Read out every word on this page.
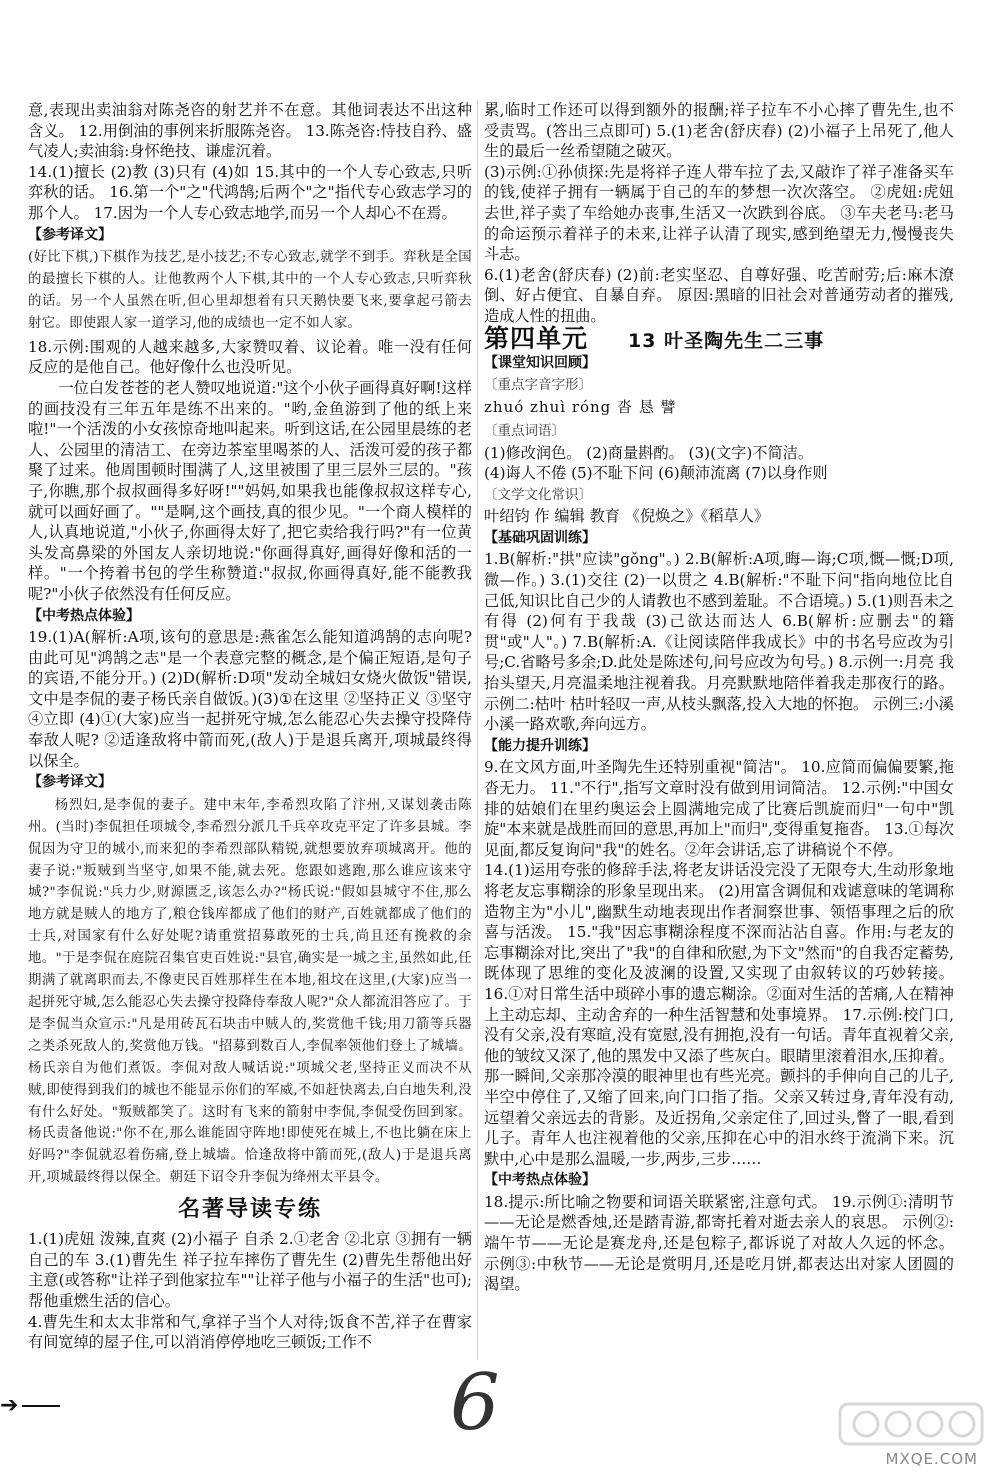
意,表现出卖油翁对陈尧咨的射艺并不在意。其他词表达不出这种含义。 12.用倒油的事例来折服陈尧咨。 13.陈尧咨:恃技自矜、盛气凌人;卖油翁:身怀绝技、谦虚沉着。

14.(1)擅长 (2)教 (3)只有 (4)如 15.其中的一个人专心致志,只听弈秋的话。 16.第一个"之"代鸿鹄;后两个"之"指代专心致志学习的那个人。 17.因为一个人专心致志地学,而另一个人却心不在焉。

【参考译文】

(好比下棋,)下棋作为技艺,是小技艺;不专心致志,就学不到手。弈秋是全国的最擅长下棋的人。让他教两个人下棋,其中的一个人专心致志,只听弈秋的话。另一个人虽然在听,但心里却想着有只天鹅快要飞来,要拿起弓箭去射它。即使跟人家一道学习,他的成绩也一定不如人家。

18.示例:围观的人越来越多,大家赞叹着、议论着。唯一没有任何反应的是他自己。他好像什么也没听见。

一位白发苍苍的老人赞叹地说道:"这个小伙子画得真好啊!这样的画技没有三年五年是练不出来的。"哟,金鱼游到了他的纸上来啦!"一个活泼的小女孩惊奇地叫起来。听到这话,在公园里晨练的老人、公园里的清洁工、在旁边茶室里喝茶的人、活泼可爱的孩子都聚了过来。他周围顿时围满了人,这里被围了里三层外三层的。"孩子,你瞧,那个叔叔画得多好呀!""妈妈,如果我也能像叔叔这样专心,就可以画好画了。""是啊,这个画技,真的很少见。"一个商人模样的人,认真地说道,"小伙子,你画得太好了,把它卖给我行吗?"有一位黄头发高鼻梁的外国友人亲切地说:"你画得真好,画得好像和活的一样。"一个挎着书包的学生称赞道:"叔叔,你画得真好,能不能教我呢?"小伙子依然没有任何反应。

【中考热点体验】

19.(1)A(解析:A项,该句的意思是:燕雀怎么能知道鸿鹄的志向呢?由此可见"鸿鹄之志"是一个表意完整的概念,是个偏正短语,是句子的宾语,不能分开。) (2)D(解析:D项"发动全城妇女烧火做饭"错误,文中是李侃的妻子杨氏亲自做饭。)(3)①在这里 ②坚持正义 ③坚守 ④立即 (4)①(大家)应当一起拼死守城,怎么能忍心失去操守投降侍奉敌人呢? ②适逢敌将中箭而死,(敌人)于是退兵离开,项城最终得以保全。

【参考译文】

杨烈妇,是李侃的妻子。建中末年,李希烈攻陷了汴州,又谋划袭击陈州。(当时)李侃担任项城令,李希烈分派几千兵卒攻克平定了许多县城。李侃因为守卫的城小,而来犯的李希烈部队精锐,就想要放弃项城离开。他的妻子说:"叛贼到当坚守,如果不能,就去死。您跟如逃跑,那么谁应该来守城?"李侃说:"兵力少,财源匮乏,该怎么办?"杨氏说:"假如县城守不住,那么地方就是贼人的地方了,粮仓钱库都成了他们的财产,百姓就都成了他们的士兵,对国家有什么好处呢?请重赏招募敢死的士兵,尚且还有挽救的余地。"于是李侃在庭院召集官吏百姓说:"县官,确实是一城之主,虽然如此,任期满了就离职而去,不像吏民百姓那样生在本地,祖坟在这里,(大家)应当一起拼死守城,怎么能忍心失去操守投降侍奉敌人呢?"众人都流泪答应了。于是李侃当众宣示:"凡是用砖瓦石块击中贼人的,奖赏他千钱;用刀箭等兵器之类杀死敌人的,奖赏他万钱。"招募到数百人,李侃率领他们登上了城墙。杨氏亲自为他们煮饭。李侃对敌人喊话说:"项城父老,坚持正义而决不从贼,即使得到我们的城也不能显示你们的军威,不如赶快离去,白白地失利,没有什么好处。"叛贼都笑了。这时有飞来的箭射中李侃,李侃受伤回到家。杨氏责备他说:"你不在,那么谁能固守阵地!即使死在城上,不也比躺在床上好吗?"李侃就忍着伤痛,登上城墙。恰逢敌将中箭而死,(敌人)于是退兵离开,项城最终得以保全。朝廷下诏令升李侃为绛州太平县令。

名著导读专练

1.(1)虎妞 泼辣,直爽 (2)小福子 自杀 2.①老舍 ②北京 ③拥有一辆自己的车 3.(1)曹先生 祥子拉车摔伤了曹先生 (2)曹先生帮他出好主意(或答称"让祥子到他家拉车""让祥子他与小福子的生活"也可);帮他重燃生活的信心。

4.曹先生和太太非常和气,拿祥子当个人对待;饭食不苦,祥子在曹家有间宽绰的屋子住,可以消消停停地吃三顿饭;工作不

累,临时工作还可以得到额外的报酬;祥子拉车不小心摔了曹先生,也不受责骂。(答出三点即可) 5.(1)老舍(舒庆春) (2)小福子上吊死了,他人生的最后一丝希望随之破灭。

(3)示例:①孙侦探:先是将祥子连人带车拉了去,又敲诈了祥子准备买车的钱,使祥子拥有一辆属于自己的车的梦想一次次落空。 ②虎妞:虎妞去世,祥子卖了车给她办丧事,生活又一次跌到谷底。 ③车夫老马:老马的命运预示着祥子的未来,让祥子认清了现实,感到绝望无力,慢慢丧失斗志。

6.(1)老舍(舒庆春) (2)前:老实坚忍、自尊好强、吃苦耐劳;后:麻木潦倒、好占便宜、自暴自弃。 原因:黑暗的旧社会对普通劳动者的摧残,造成人性的扭曲。

第四单元 13 叶圣陶先生二三事
【课堂知识回顾】
〔重点字音字形〕
zhuó zhuì róng 沓 恳 譬
〔重点词语〕

(1)修改润色。 (2)商量斟酌。 (3)(文字)不简洁。

(4)诲人不倦 (5)不耻下问 (6)颠沛流离 (7)以身作则

〔文学文化常识〕

叶绍钧 作 编辑 教育 《倪焕之》《稻草人》

【基础巩固训练】

1.B(解析:"拱"应读"gǒng"。) 2.B(解析:A项,晦—诲;C项,慨—慨;D项,微—作。) 3.(1)交往 (2)一以贯之 4.B(解析:"不耻下问"指向地位比自己低,知识比自己少的人请教也不感到羞耻。不合语境。) 5.(1)则吾未之有得 (2)何有于我哉 (3)己欲达而达人 6.B(解析:应删去"的籍贯"或"人"。) 7.B(解析:A.《让阅读陪伴我成长》中的书名号应改为引号;C.省略号多余;D.此处是陈述句,问号应改为句号。) 8.示例一:月亮 我抬头望天,月亮温柔地注视着我。月亮默默地陪伴着我走那夜行的路。 示例二:枯叶 枯叶轻叹一声,从枝头飘落,投入大地的怀抱。 示例三:小溪 小溪一路欢歌,奔向远方。

【能力提升训练】

9.在文风方面,叶圣陶先生还特别重视"简洁"。 10.应简而偏偏要繁,拖沓无力。 11."不行",指写文章时没有做到用词简洁。 12.示例:"中国女排的姑娘们在里约奥运会上圆满地完成了比赛后凯旋而归"一句中"凯旋"本来就是战胜而回的意思,再加上"而归",变得重复拖沓。 13.①每次见面,都反复询问"我"的姓名。②年会讲话,忘了讲稿说个不停。

14.(1)运用夸张的修辞手法,将老友讲话没完没了无限夸大,生动形象地将老友忘事糊涂的形象呈现出来。 (2)用富含调侃和戏谑意味的笔调称造物主为"小儿",幽默生动地表现出作者洞察世事、领悟事理之后的欣喜与活泼。 15."我"因忘事糊涂程度不深而沾沾自喜。作用:与老友的忘事糊涂对比,突出了"我"的自律和欣慰,为下文"然而"的自我否定蓄势,既体现了思维的变化及波澜的设置,又实现了由叙转议的巧妙转接。 16.①对日常生活中琐碎小事的遗忘糊涂。②面对生活的苦痛,人在精神上主动忘却、主动舍弃的一种生活智慧和处事境界。 17.示例:校门口,没有父亲,没有寒暄,没有宽慰,没有拥抱,没有一句话。青年直视着父亲,他的皱纹又深了,他的黑发中又添了些灰白。眼睛里滚着泪水,压抑着。那一瞬间,父亲那冷漠的眼神里也有些光亮。颤抖的手伸向自己的儿子,半空中停住了,又缩了回来,向门口指了指。父亲又转过身,青年没有动,远望着父亲远去的背影。及近拐角,父亲定住了,回过头,瞥了一眼,看到儿子。青年人也注视着他的父亲,压抑在心中的泪水终于流淌下来。沉默中,心中是那么温暖,一步,两步,三步……

【中考热点体验】

18.提示:所比喻之物要和词语关联紧密,注意句式。 19.示例①:清明节——无论是燃香烛,还是踏青游,都寄托着对逝去亲人的哀思。 示例②:端午节——无论是赛龙舟,还是包粽子,都诉说了对故人久远的怀念。 示例③:中秋节——无论是赏明月,还是吃月饼,都表达出对家人团圆的渴望。

➔	6
MXQE.COM
